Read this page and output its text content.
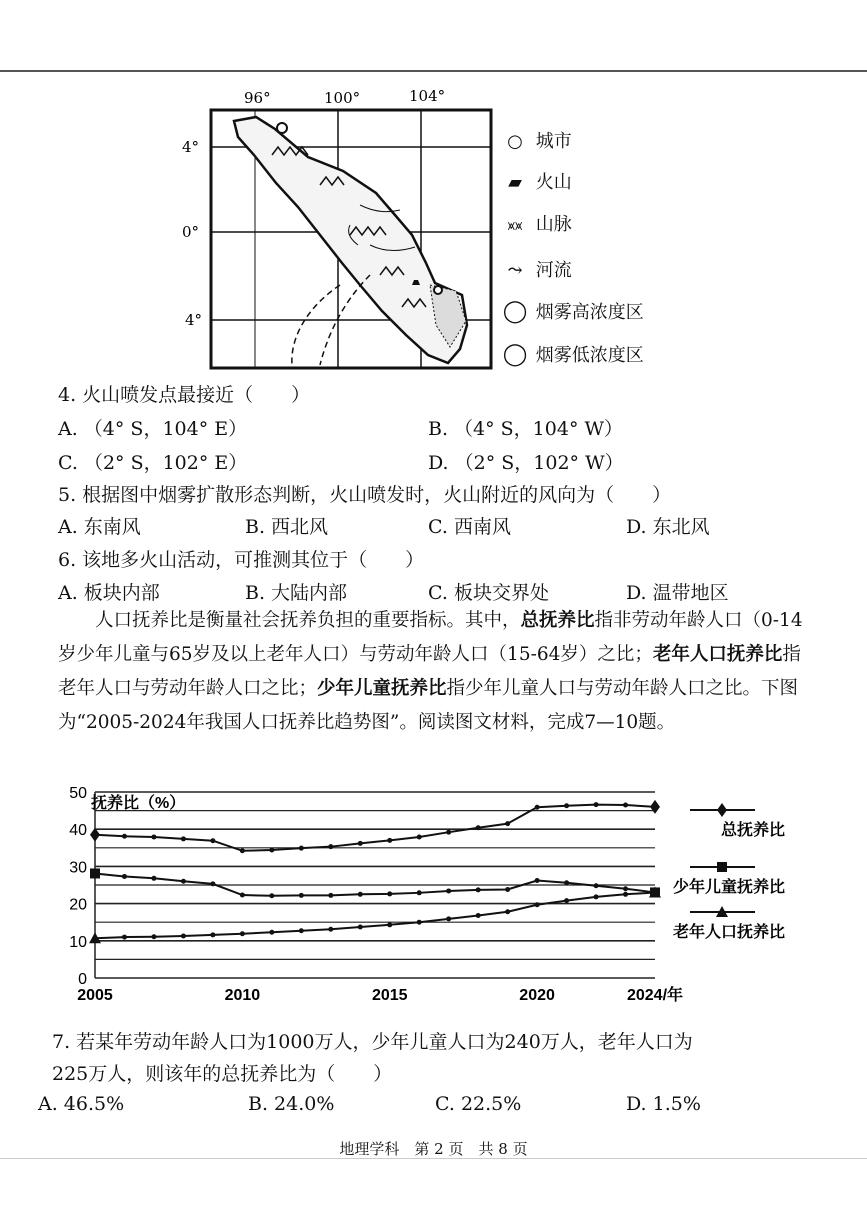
96°	100°	104°
4°
0°
4°
○ 城市
▰ 火山
⩙⩙ 山脉
⤳ 河流
◯ 烟雾高浓度区
◯ 烟雾低浓度区
4. 火山喷发点最接近（　　）
A. （4° S，104° E）	B. （4° S，104° W）
C. （2° S，102° E）	D. （2° S，102° W）
5. 根据图中烟雾扩散形态判断，火山喷发时，火山附近的风向为（　　）
A. 东南风	B. 西北风	C. 西南风	D. 东北风
6. 该地多火山活动，可推测其位于（　　）
A. 板块内部	B. 大陆内部	C. 板块交界处	D. 温带地区
人口抚养比是衡量社会抚养负担的重要指标。其中，总抚养比指非劳动年龄人口（0-14岁少年儿童与65岁及以上老年人口）与劳动年龄人口（15-64岁）之比；老年人口抚养比指老年人口与劳动年龄人口之比；少年儿童抚养比指少年儿童人口与劳动年龄人口之比。下图为“2005-2024年我国人口抚养比趋势图”。阅读图文材料，完成7—10题。
0
10
20
30
40
50
2005	2010	2015	2020	2024/年
抚养比（%）
总抚养比
少年儿童抚养比
老年人口抚养比
7. 若某年劳动年龄人口为1000万人，少年儿童人口为240万人，老年人口为
225万人，则该年的总抚养比为（　　）
A. 46.5%	B. 24.0%	C. 22.5%	D. 1.5%
地理学科　第 2 页　共 8 页
